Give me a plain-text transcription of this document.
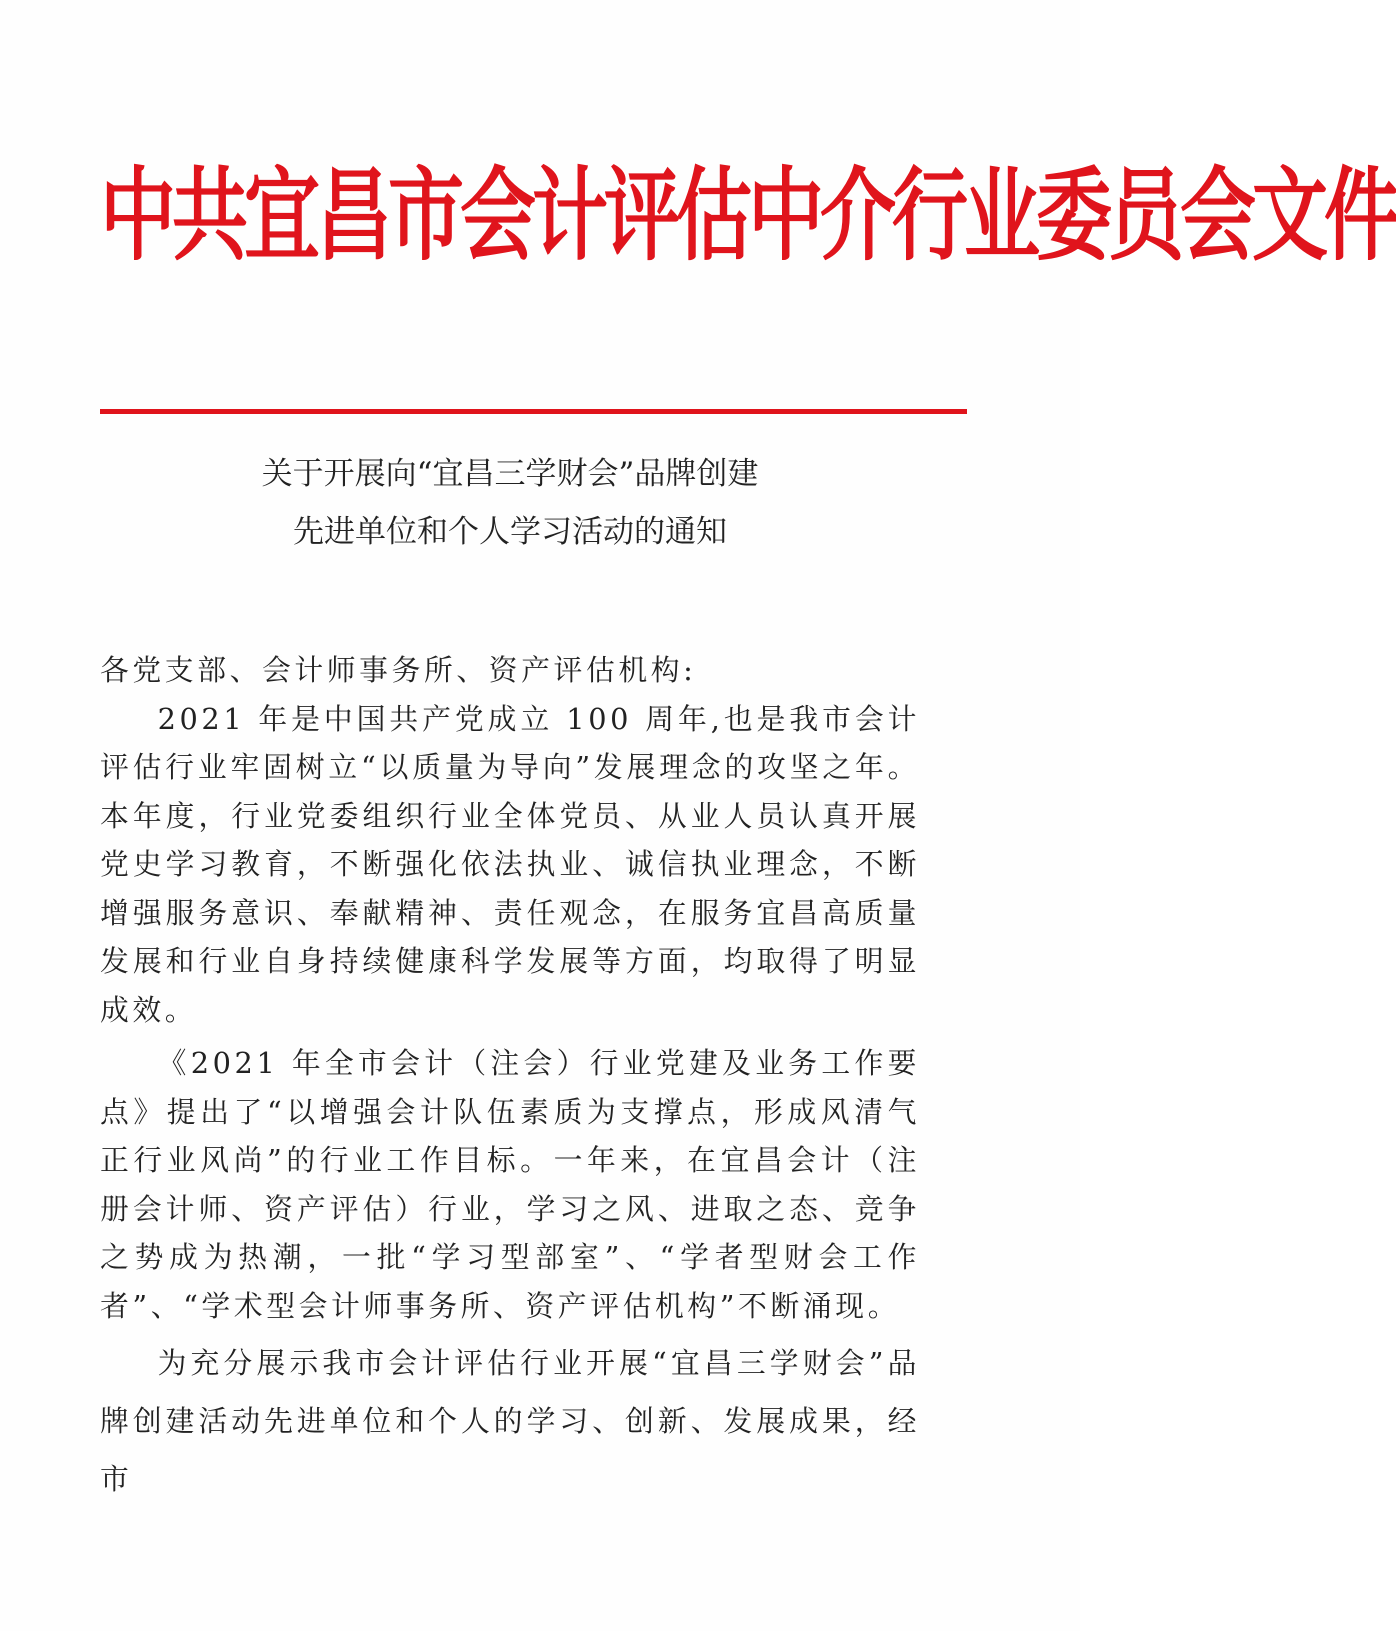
中共宜昌市会计评估中介行业委员会文件
关于开展向“宜昌三学财会”品牌创建
先进单位和个人学习活动的通知

各党支部、会计师事务所、资产评估机构:

2021 年是中国共产党成立 100 周年,也是我市会计评估行业牢固树立“以质量为导向”发展理念的攻坚之年。本年度，行业党委组织行业全体党员、从业人员认真开展党史学习教育，不断强化依法执业、诚信执业理念，不断增强服务意识、奉献精神、责任观念，在服务宜昌高质量发展和行业自身持续健康科学发展等方面，均取得了明显成效。

《2021 年全市会计（注会）行业党建及业务工作要点》提出了“以增强会计队伍素质为支撑点，形成风清气正行业风尚”的行业工作目标。一年来，在宜昌会计（注册会计师、资产评估）行业，学习之风、进取之态、竞争之势成为热潮，一批“学习型部室”、“学者型财会工作者”、“学术型会计师事务所、资产评估机构”不断涌现。

为充分展示我市会计评估行业开展“宜昌三学财会”品牌创建活动先进单位和个人的学习、创新、发展成果，经市
